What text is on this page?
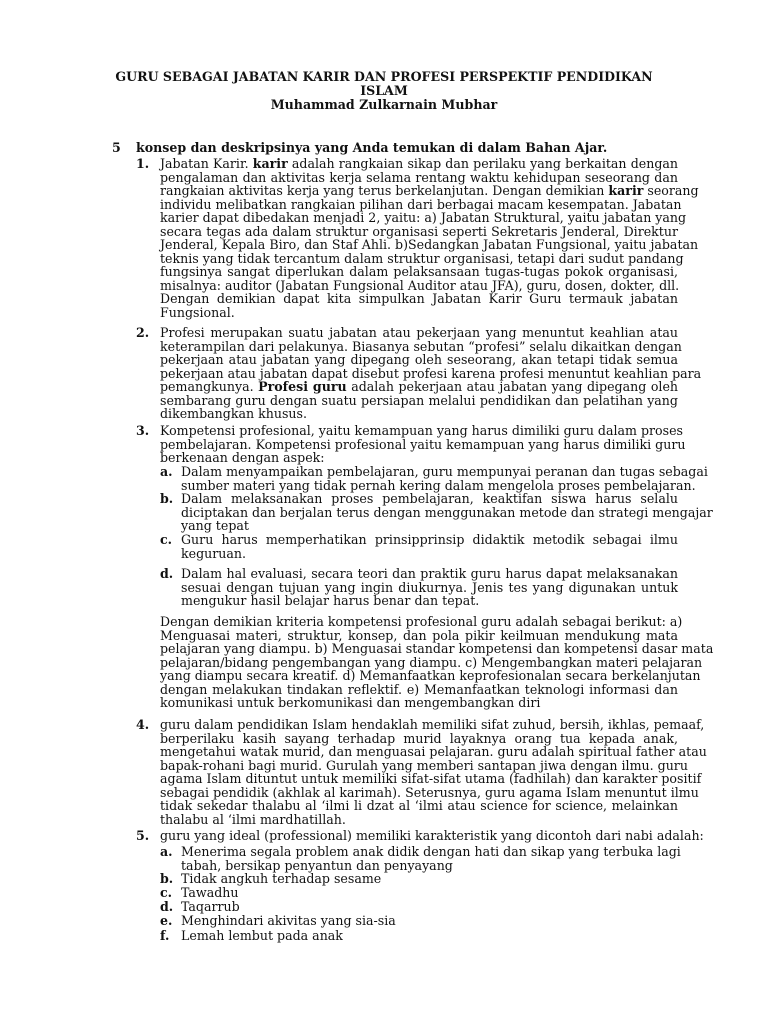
GURU SEBAGAI JABATAN KARIR DAN PROFESI PERSPEKTIF PENDIDIKAN
ISLAM
Muhammad Zulkarnain Mubhar
5 konsep dan deskripsinya yang Anda temukan di dalam Bahan Ajar.
1. Jabatan Karir. karir adalah rangkaian sikap dan perilaku yang berkaitan dengan
pengalaman dan aktivitas kerja selama rentang waktu kehidupan seseorang dan
rangkaian aktivitas kerja yang terus berkelanjutan. Dengan demikian karir seorang
individu melibatkan rangkaian pilihan dari berbagai macam kesempatan. Jabatan
karier dapat dibedakan menjadi 2, yaitu: a) Jabatan Struktural, yaitu jabatan yang
secara tegas ada dalam struktur organisasi seperti Sekretaris Jenderal, Direktur
Jenderal, Kepala Biro, dan Staf Ahli. b)Sedangkan Jabatan Fungsional, yaitu jabatan
teknis yang tidak tercantum dalam struktur organisasi, tetapi dari sudut pandang
fungsinya sangat diperlukan dalam pelaksansaan tugas-tugas pokok organisasi,
misalnya: auditor (Jabatan Fungsional Auditor atau JFA), guru, dosen, dokter, dll.
Dengan demikian dapat kita simpulkan Jabatan Karir Guru termauk jabatan
Fungsional.
2. Profesi merupakan suatu jabatan atau pekerjaan yang menuntut keahlian atau
keterampilan dari pelakunya. Biasanya sebutan “profesi” selalu dikaitkan dengan
pekerjaan atau jabatan yang dipegang oleh seseorang, akan tetapi tidak semua
pekerjaan atau jabatan dapat disebut profesi karena profesi menuntut keahlian para
pemangkunya. Profesi guru adalah pekerjaan atau jabatan yang dipegang oleh
sembarang guru dengan suatu persiapan melalui pendidikan dan pelatihan yang
dikembangkan khusus.
3. Kompetensi profesional, yaitu kemampuan yang harus dimiliki guru dalam proses
pembelajaran. Kompetensi profesional yaitu kemampuan yang harus dimiliki guru
berkenaan dengan aspek:
a. Dalam menyampaikan pembelajaran, guru mempunyai peranan dan tugas sebagai
sumber materi yang tidak pernah kering dalam mengelola proses pembelajaran.
b. Dalam melaksanakan proses pembelajaran, keaktifan siswa harus selalu
diciptakan dan berjalan terus dengan menggunakan metode dan strategi mengajar
yang tepat
c. Guru harus memperhatikan prinsipprinsip didaktik metodik sebagai ilmu
keguruan.
d. Dalam hal evaluasi, secara teori dan praktik guru harus dapat melaksanakan
sesuai dengan tujuan yang ingin diukurnya. Jenis tes yang digunakan untuk
mengukur hasil belajar harus benar dan tepat.
Dengan demikian kriteria kompetensi profesional guru adalah sebagai berikut: a)
Menguasai materi, struktur, konsep, dan pola pikir keilmuan mendukung mata
pelajaran yang diampu. b) Menguasai standar kompetensi dan kompetensi dasar mata
pelajaran/bidang pengembangan yang diampu. c) Mengembangkan materi pelajaran
yang diampu secara kreatif. d) Memanfaatkan keprofesionalan secara berkelanjutan
dengan melakukan tindakan reflektif. e) Memanfaatkan teknologi informasi dan
komunikasi untuk berkomunikasi dan mengembangkan diri
4. guru dalam pendidikan Islam hendaklah memiliki sifat zuhud, bersih, ikhlas, pemaaf,
berperilaku kasih sayang terhadap murid layaknya orang tua kepada anak,
mengetahui watak murid, dan menguasai pelajaran. guru adalah spiritual father atau
bapak-rohani bagi murid. Gurulah yang memberi santapan jiwa dengan ilmu. guru
agama Islam dituntut untuk memiliki sifat-sifat utama (fadhilah) dan karakter positif
sebagai pendidik (akhlak al karimah). Seterusnya, guru agama Islam menuntut ilmu
tidak sekedar thalabu al ‘ilmi li dzat al ‘ilmi atau science for science, melainkan
thalabu al ‘ilmi mardhatillah.
5. guru yang ideal (professional) memiliki karakteristik yang dicontoh dari nabi adalah:
a. Menerima segala problem anak didik dengan hati dan sikap yang terbuka lagi
tabah, bersikap penyantun dan penyayang
b. Tidak angkuh terhadap sesame
c. Tawadhu
d. Taqarrub
e. Menghindari akivitas yang sia-sia
f. Lemah lembut pada anak
